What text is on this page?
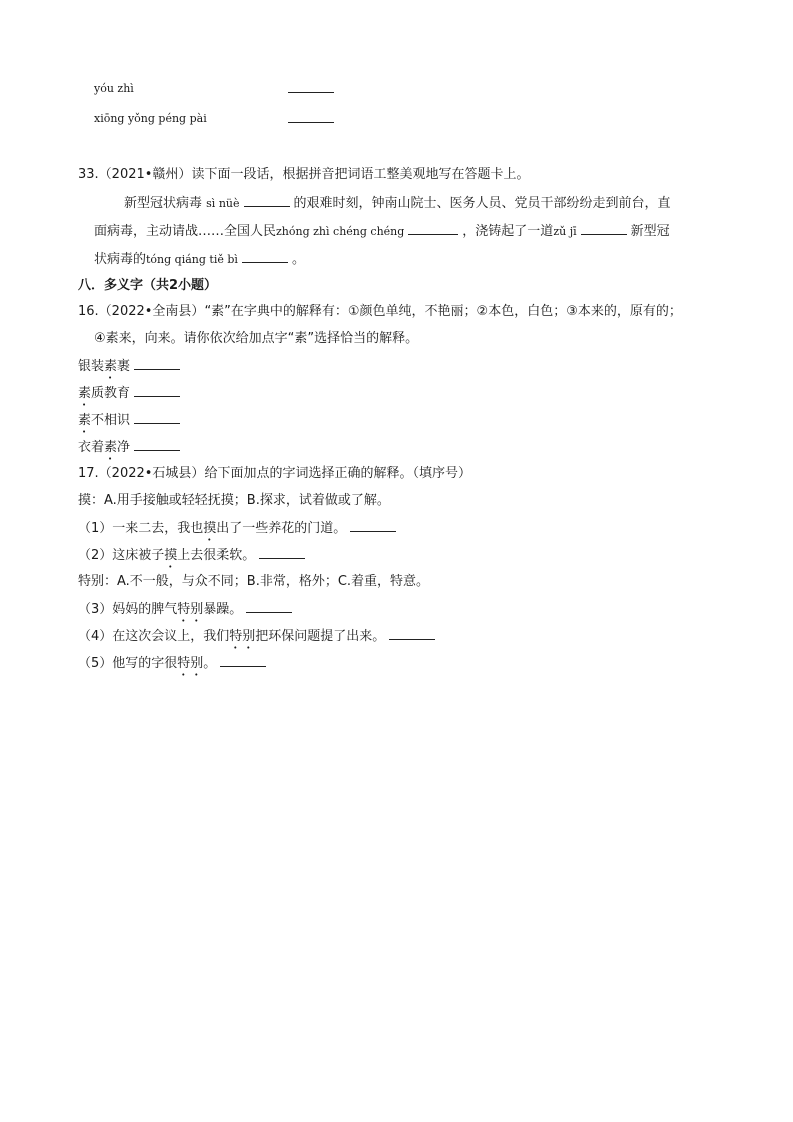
yóu zhì
xiōng yǒng péng pài
33.（2021•赣州）读下面一段话，根据拼音把词语工整美观地写在答题卡上。
新型冠状病毒 sì nüè	的艰难时刻，钟南山院士、医务人员、党员干部纷纷走到前台，直
面病毒，主动请战……全国人民zhóng zhì chéng chéng	，浇铸起了一道zǔ jī	新型冠
状病毒的tóng qiáng tiě bì	。
八．多义字（共2小题）
16.（2022•全南县）“素”在字典中的解释有：①颜色单纯，不艳丽；②本色，白色；③本来的，原有的；
④素来，向来。请你依次给加点字“素”选择恰当的解释。
银装素裹
素质教育
素不相识
衣着素净
17.（2022•石城县）给下面加点的字词选择正确的解释。（填序号）
摸：A.用手接触或轻轻抚摸；B.探求，试着做或了解。
（1）一来二去，我也摸出了一些养花的门道。
（2）这床被子摸上去很柔软。
特别：A.不一般，与众不同；B.非常，格外；C.着重，特意。
（3）妈妈的脾气特别暴躁。
（4）在这次会议上，我们特别把环保问题提了出来。
（5）他写的字很特别。
